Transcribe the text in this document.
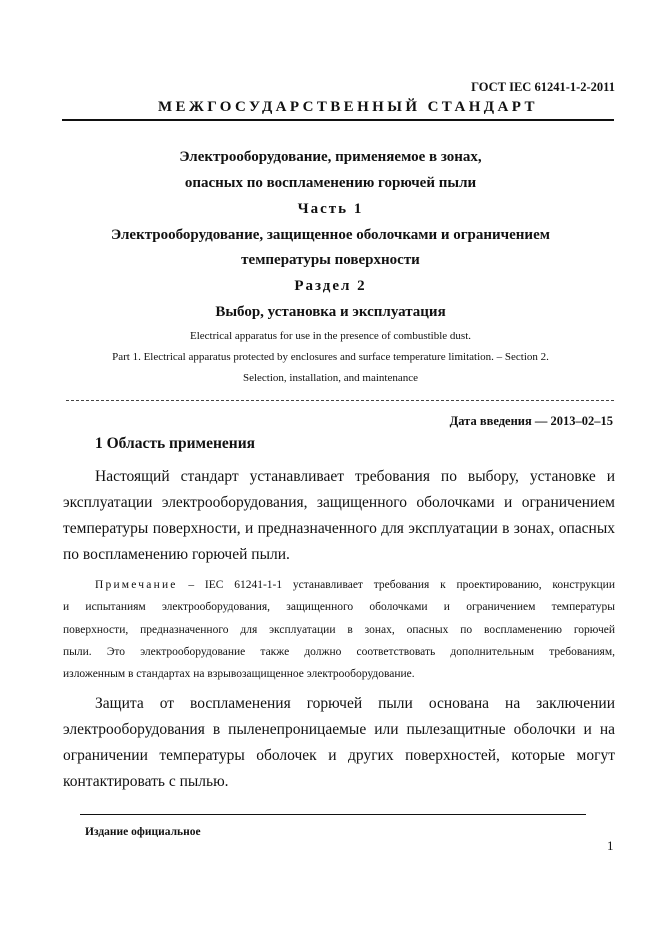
ГОСТ IEC 61241-1-2-2011
МЕЖГОСУДАРСТВЕННЫЙ СТАНДАРТ
Электрооборудование, применяемое в зонах,
опасных по воспламенению горючей пыли
Часть 1
Электрооборудование, защищенное оболочками и ограничением
температуры поверхности
Раздел 2
Выбор, установка и эксплуатация
Electrical apparatus for use in the presence of combustible dust.
Part 1. Electrical apparatus protected by enclosures and surface temperature limitation. – Section 2.
Selection, installation, and maintenance
Дата введения — 2013–02–15
1 Область применения
Настоящий стандарт устанавливает требования по выбору, установке и
эксплуатации электрооборудования, защищенного оболочками и ограничением
температуры поверхности, и предназначенного для эксплуатации в зонах, опасных
по воспламенению горючей пыли.
Примечание – IEC 61241-1-1 устанавливает требования к проектированию, конструкции
и испытаниям электрооборудования, защищенного оболочками и ограничением температуры
поверхности, предназначенного для эксплуатации в зонах, опасных по воспламенению горючей
пыли. Это электрооборудование также должно соответствовать дополнительным требованиям,
изложенным в стандартах на взрывозащищенное электрооборудование.
Защита от воспламенения горючей пыли основана на заключении
электрооборудования в пыленепроницаемые или пылезащитные оболочки и на
ограничении температуры оболочек и других поверхностей, которые могут
контактировать с пылью.
Издание официальное
1
